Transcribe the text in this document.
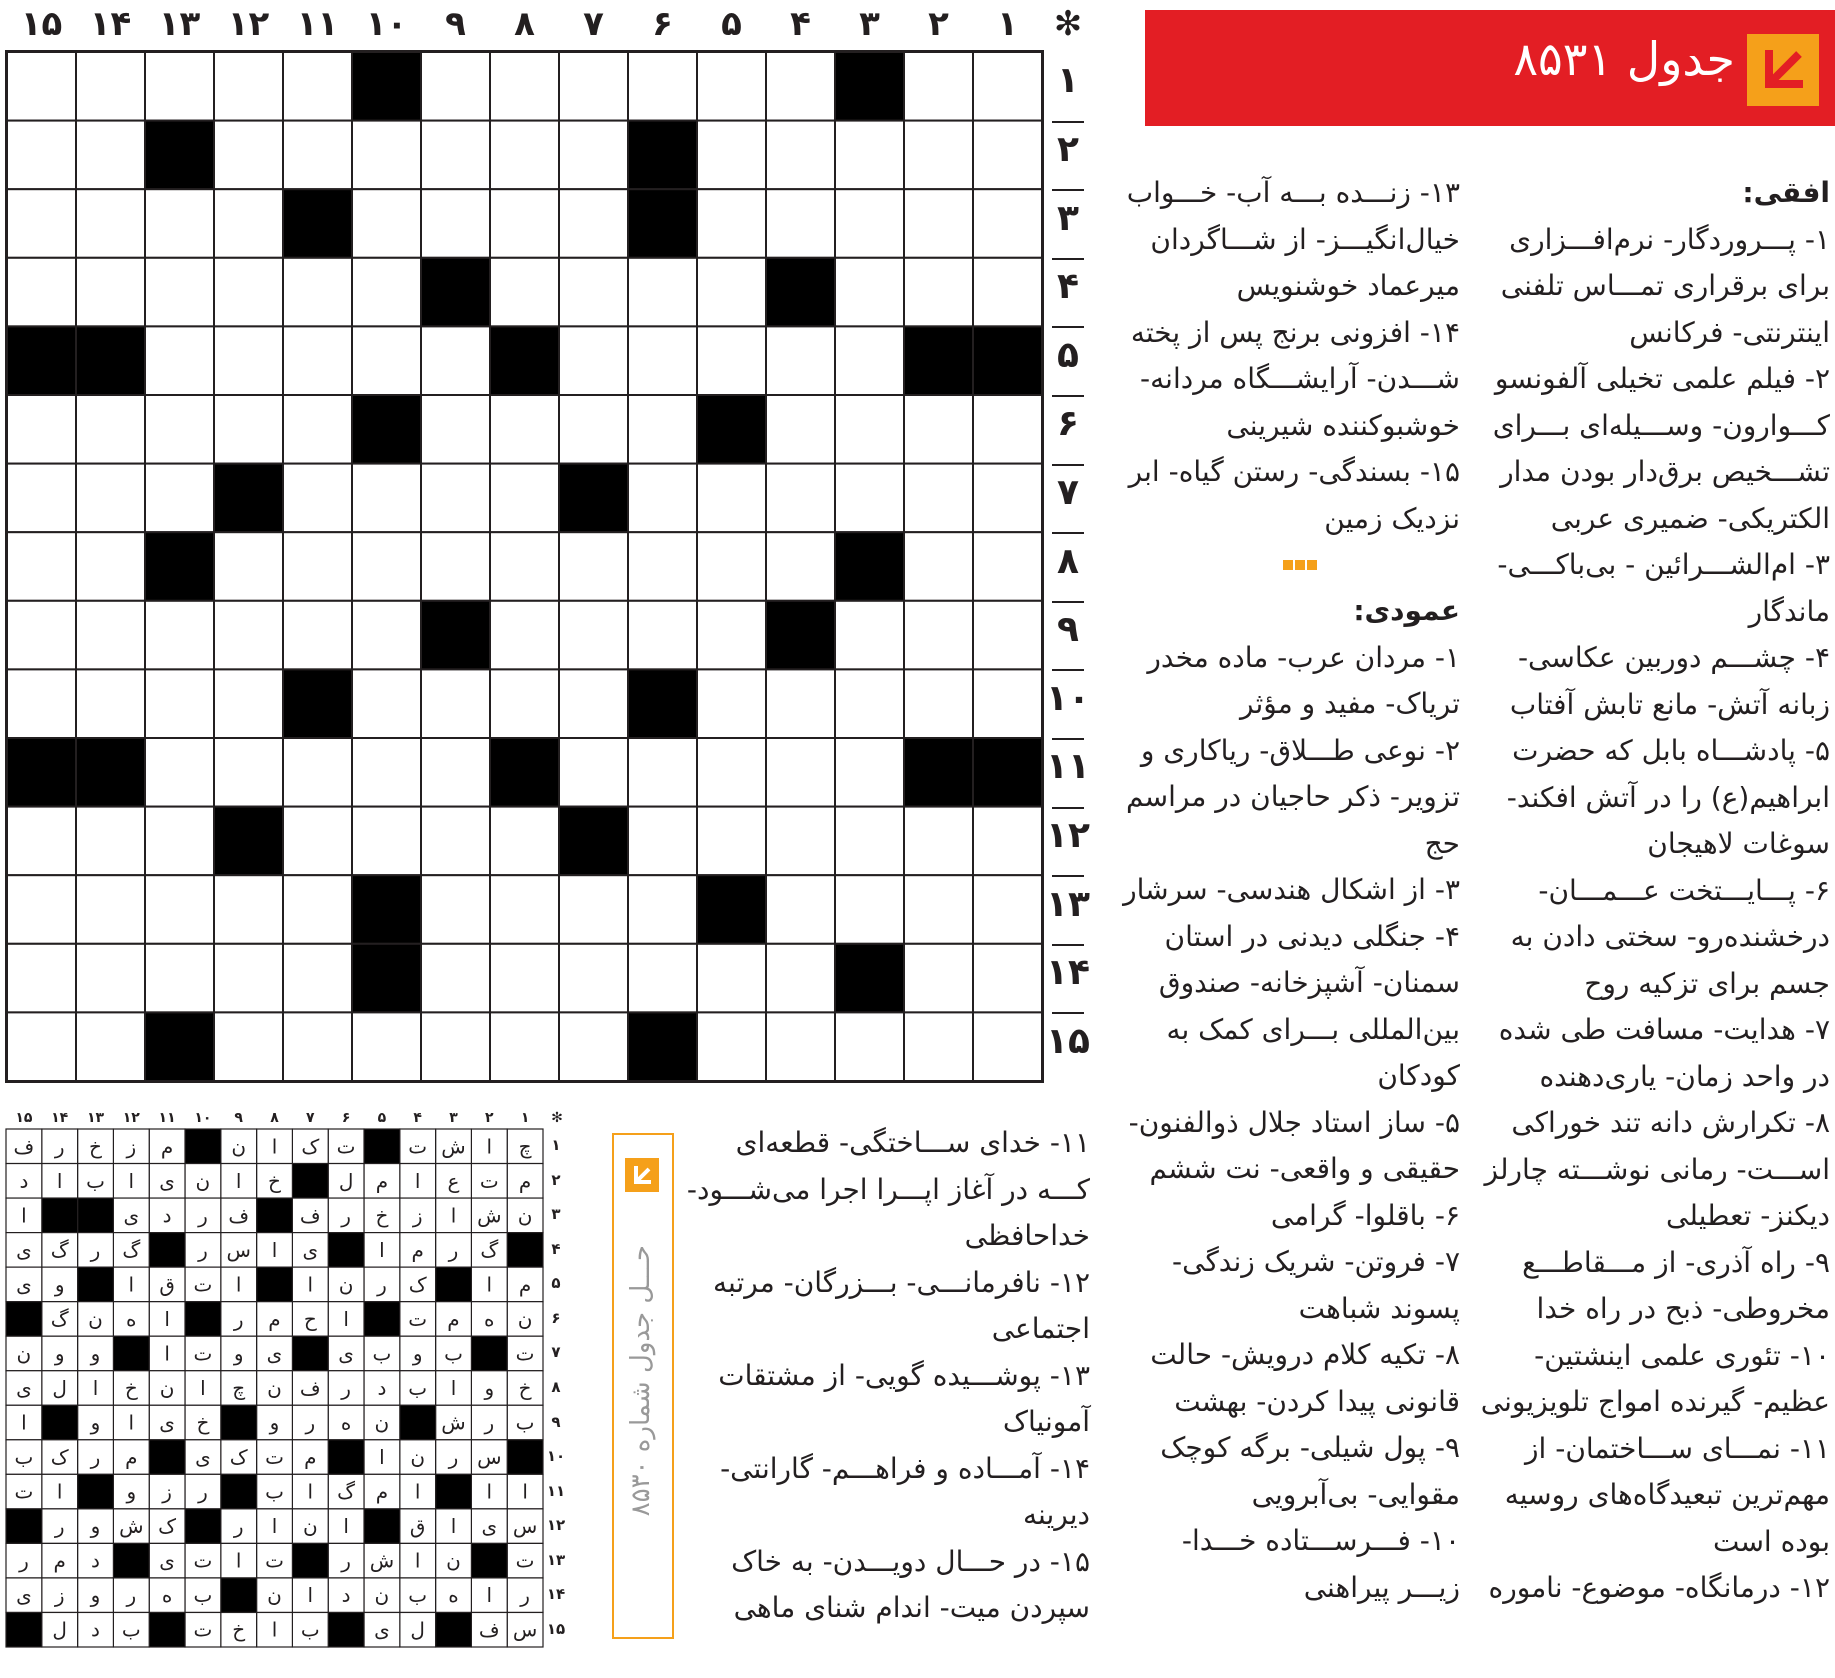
جدول ۸۵۳۱
۱
۲
۳
۴
۵
۶
۷
۸
۹
۱۰
۱۱
۱۲
۱۳
۱۴
۱۵	✻
۱
۲
۳
۴
۵
۶
۷
۸
۹
۱۰
۱۱
۱۲
۱۳
۱۴
۱۵
افقی:
۱- پـــروردگار- نرم‌افـــزاری
برای برقراری تمـــاس تلفنی
اینترنتی- فرکانس
۲- فیلم علمی تخیلی آلفونسو
کـــوارون- وســـیله‌ای بـــرای
تشـــخیص برق‌دار بودن مدار
الکتریکی- ضمیری عربی
۳- ام‌الشـــرائین - بی‌باکـــی-
ماندگار
۴- چشـــم دوربین عکاسی-
زبانه آتش- مانع تابش آفتاب
۵- پادشـــاه بابل که حضرت
ابراهیم(ع) را در آتش افکند-
سوغات لاهیجان
۶- پـــایـــتخت عـــمـــان-
درخشنده‌رو- سختی دادن به
جسم برای تزکیه روح
۷- هدایت- مسافت طی شده
در واحد زمان- یاری‌دهنده
۸- تکرارش دانه تند خوراکی
اســـت- رمانی نوشـــته چارلز
دیکنز- تعطیلی
۹- راه آذری- از مـــقاطـــع
مخروطی- ذبح در راه خدا
۱۰- تئوری علمی اینشتین-
عظیم- گیرنده امواج تلویزیونی
۱۱- نمـــای ســـاختمان- از
مهم‌ترین تبعیدگاه‌های روسیه
بوده است
۱۲- درمانگاه- موضوع- ناموره
۱۳- زنـــده بـــه آب- خـــواب
خیال‌انگیـــز- از شـــاگردان
میرعماد خوشنویس
۱۴- افزونی برنج پس از پخته
شـــدن- آرایشـــگاه مردانه-
خوشبوکننده شیرینی
۱۵- بسندگی- رستن گیاه- ابر
نزدیک زمین
عمودی:
۱- مردان عرب- ماده مخدر
تریاک- مفید و مؤثر
۲- نوعی طـــلاق- ریاکاری و
تزویر- ذکر حاجیان در مراسم
حج
۳- از اشکال هندسی- سرشار
۴- جنگلی دیدنی در استان
سمنان- آشپزخانه- صندوق
بین‌المللی بـــرای کمک به
کودکان
۵- ساز استاد جلال ذوالفنون-
حقیقی و واقعی- نت ششم
۶- باقلوا- گرامی
۷- فروتن- شریک زندگی-
پسوند شباهت
۸- تکیه کلام درویش- حالت
قانونی پیدا کردن- بهشت
۹- پول شیلی- برگه کوچک
مقوایی- بی‌آبرویی
۱۰- فـــرســـتاده خـــدا-
زیـــر پیراهنی
۱۱- خدای ســـاختگی- قطعه‌ای
کـــه در آغاز اپـــرا اجرا می‌شـــود-
خداحافظی
۱۲- نافرمانـــی- بـــزرگان- مرتبه
اجتماعی
۱۳- پوشـــیده گویی- از مشتقات
آمونیاک
۱۴- آمـــاده و فراهـــم- گارانتی-
دیرینه
۱۵- در حـــال دویـــدن- به خاک
سپردن میت- اندام شنای ماهی
حـــل جدول شماره ۸۵۳۰
۱
۲
۳
۴
۵
۶
۷
۸
۹
۱۰
۱۱
۱۲
۱۳
۱۴
۱۵	✻
۱
۲
۳
۴
۵
۶
۷
۸
۹
۱۰
۱۱
۱۲
۱۳
۱۴
۱۵
چ
ا
ش
ت
ت
ک
ا
ن
م
ز
خ
ر
ف
م
ت
ع
ا
م
ل
خ
ا
ن
ی
ا
ب
ا
د
ن
ش
ا
ز
خ
ر
ف
ف
ر
د
ی
ا
گ
ر
م
ا
ی
ا
س
ر
گ
ر
گ
ی
م
ا
ک
ر
ن
ا
ا
ت
ق
ا
و
ی
ن
ه
م
ت
ا
ح
م
ر
ا
ه
ن
گ
ت
ب
و
ب
ی
ی
و
ت
ا
و
و
ن
خ
و
ا
ب
د
ر
ف
ن
چ
ا
ن
خ
ا
ل
ی
ب
ر
ش
ن
ه
ر
و
خ
ی
ا
و
ا
س
ر
ن
ا
م
ت
ک
ی
م
ر
ک
ب
ا
ا
ا
م
گ
ا
ب
ر
ز
و
ا
ت
س
ی
ا
ق
ا
ن
ا
ر
ک
ش
و
ر
ت
ن
ا
ش
ر
ت
ا
ت
ی
د
م
ر
ر
ا
ه
ب
ن
د
ا
ن
ب
ه
ر
و
ز
ی
س
ف
ل
ی
ب
ا
خ
ت
ب
د
ل
